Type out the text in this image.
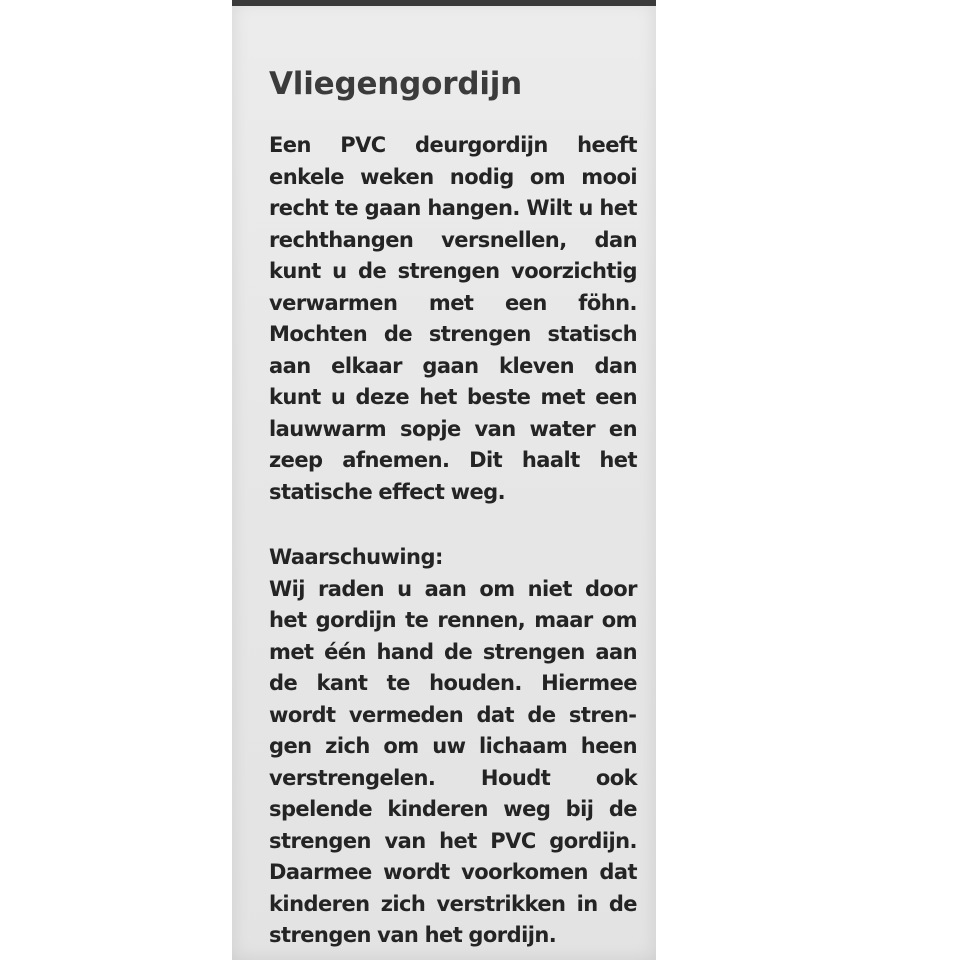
Vliegengordijn

Een PVC deurgordijn heeft enkele weken nodig om mooi recht te gaan hangen. Wilt u het rechthangen versnellen, dan kunt u de strengen voorzichtig verwarmen met een föhn. Mochten de strengen statisch aan elkaar gaan kleven dan kunt u deze het beste met een lauwwarm sopje van water en zeep afnemen. Dit haalt het statische effect weg.

Waarschuwing:

Wij raden u aan om niet door het gordijn te rennen, maar om met één hand de strengen aan de kant te houden. Hiermee wordt vermeden dat de strengen zich om uw lichaam heen verstrengelen. Houdt ook spelende kinderen weg bij de strengen van het PVC gordijn. Daarmee wordt voorkomen dat kinderen zich verstrikken in de strengen van het gordijn.
